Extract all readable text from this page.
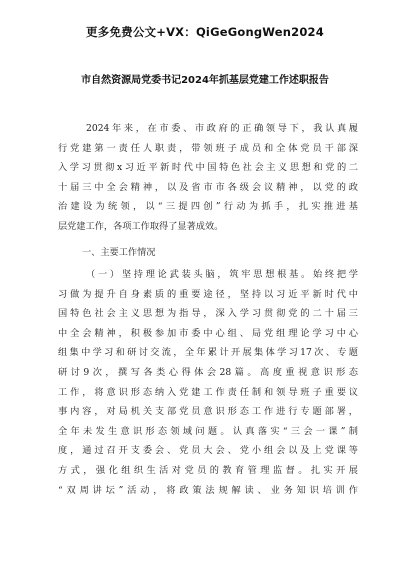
更多免费公文+VX：QiGeGongWen2024
市自然资源局党委书记2024年抓基层党建工作述职报告
2024年来，在市委、市政府的正确领导下，我认真履
行党建第一责任人职责，带领班子成员和全体党员干部深
入学习贯彻x习近平新时代中国特色社会主义思想和党的二
十届三中全会精神，以及省市市各级会议精神，以党的政
治建设为统领，以“三提四创”行动为抓手，扎实推进基
层党建工作，各项工作取得了显著成效。
一、主要工作情况
（一）坚持理论武装头脑，筑牢思想根基。始终把学
习做为提升自身素质的重要途径，坚持以习近平新时代中
国特色社会主义思想为指导，深入学习贯彻党的二十届三
中全会精神，积极参加市委中心组、局党组理论学习中心
组集中学习和研讨交流，全年累计开展集体学习17次、专题
研讨9次，撰写各类心得体会28篇。高度重视意识形态
工作，将意识形态纳入党建工作责任制和领导班子重要议
事内容，对局机关支部党员意识形态工作进行专题部署，
全年未发生意识形态领域问题。认真落实“三会一课”制
度，通过召开支委会、党员大会、党小组会以及上党课等
方式，强化组织生活对党员的教育管理监督。扎实开展
“双周讲坛”活动，将政策法规解读、业务知识培训作
